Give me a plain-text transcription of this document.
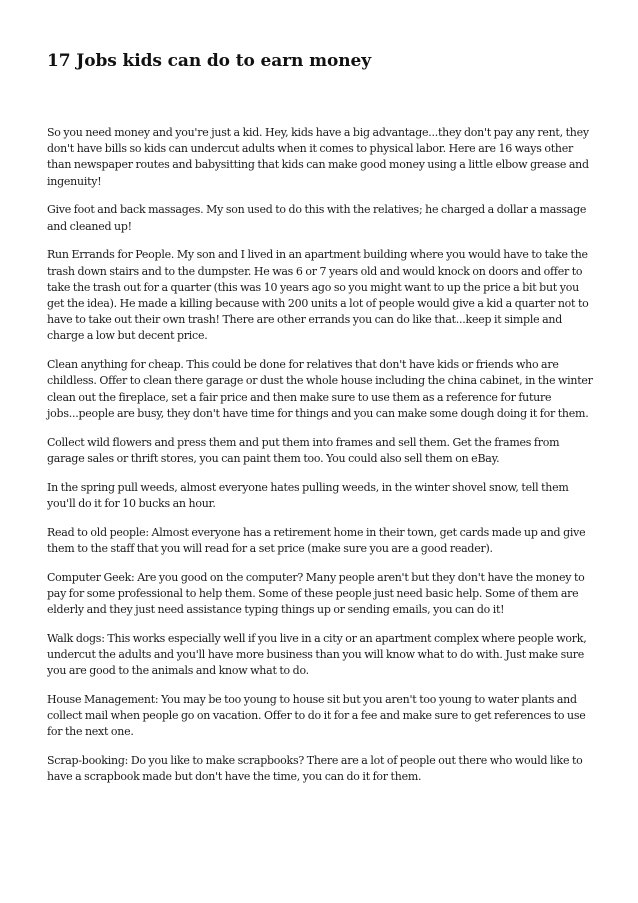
17 Jobs kids can do to earn money

So you need money and you're just a kid. Hey, kids have a big advantage...they don't pay any rent, they don't have bills so kids can undercut adults when it comes to physical labor. Here are 16 ways other than newspaper routes and babysitting that kids can make good money using a little elbow grease and ingenuity!

Give foot and back massages. My son used to do this with the relatives; he charged a dollar a massage and cleaned up!

Run Errands for People. My son and I lived in an apartment building where you would have to take the trash down stairs and to the dumpster. He was 6 or 7 years old and would knock on doors and offer to take the trash out for a quarter (this was 10 years ago so you might want to up the price a bit but you get the idea). He made a killing because with 200 units a lot of people would give a kid a quarter not to have to take out their own trash! There are other errands you can do like that...keep it simple and charge a low but decent price.

Clean anything for cheap. This could be done for relatives that don't have kids or friends who are childless. Offer to clean there garage or dust the whole house including the china cabinet, in the winter clean out the fireplace, set a fair price and then make sure to use them as a reference for future jobs...people are busy, they don't have time for things and you can make some dough doing it for them.

Collect wild flowers and press them and put them into frames and sell them. Get the frames from garage sales or thrift stores, you can paint them too. You could also sell them on eBay.

In the spring pull weeds, almost everyone hates pulling weeds, in the winter shovel snow, tell them you'll do it for 10 bucks an hour.

Read to old people: Almost everyone has a retirement home in their town, get cards made up and give them to the staff that you will read for a set price (make sure you are a good reader).

Computer Geek: Are you good on the computer? Many people aren't but they don't have the money to pay for some professional to help them. Some of these people just need basic help. Some of them are elderly and they just need assistance typing things up or sending emails, you can do it!

Walk dogs: This works especially well if you live in a city or an apartment complex where people work, undercut the adults and you'll have more business than you will know what to do with. Just make sure you are good to the animals and know what to do.

House Management: You may be too young to house sit but you aren't too young to water plants and collect mail when people go on vacation. Offer to do it for a fee and make sure to get references to use for the next one.

Scrap-booking: Do you like to make scrapbooks? There are a lot of people out there who would like to have a scrapbook made but don't have the time, you can do it for them.
